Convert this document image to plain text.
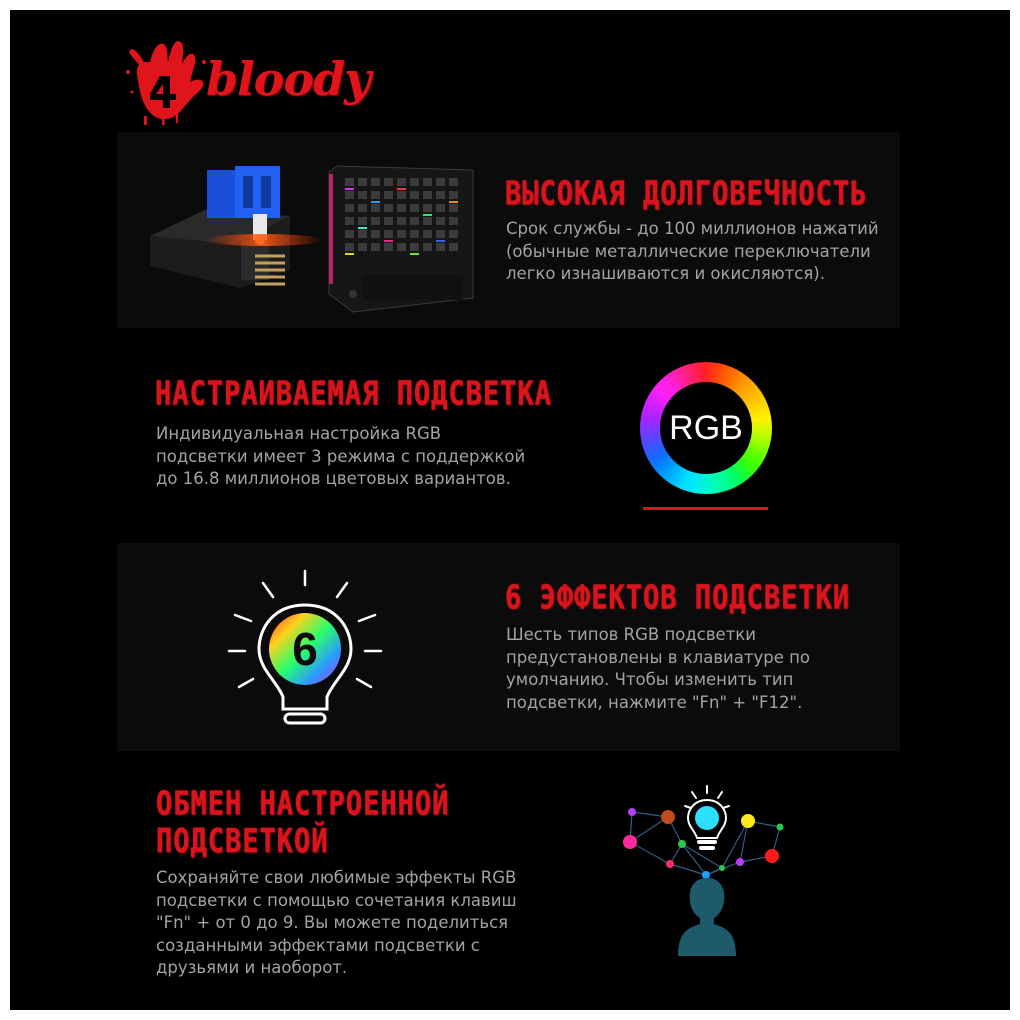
bloody
ВЫСОКАЯ ДОЛГОВЕЧНОСТЬ
Срок службы - до 100 миллионов нажатий (обычные металлические переключатели легко изнашиваются и окисляются).
НАСТРАИВАЕМАЯ ПОДСВЕТКА
Индивидуальная настройка RGB подсветки имеет 3 режима с поддержкой до 16.8 миллионов цветовых вариантов.
RGB
6
6 ЭФФЕКТОВ ПОДСВЕТКИ
Шесть типов RGB подсветки предустановлены в клавиатуре по умолчанию. Чтобы изменить тип подсветки, нажмите "Fn" + "F12".
ОБМЕН НАСТРОЕННОЙ
ПОДСВЕТКОЙ
Сохраняйте свои любимые эффекты RGB подсветки с помощью сочетания клавиш "Fn" + от 0 до 9. Вы можете поделиться созданными эффектами подсветки с друзьями и наоборот.
